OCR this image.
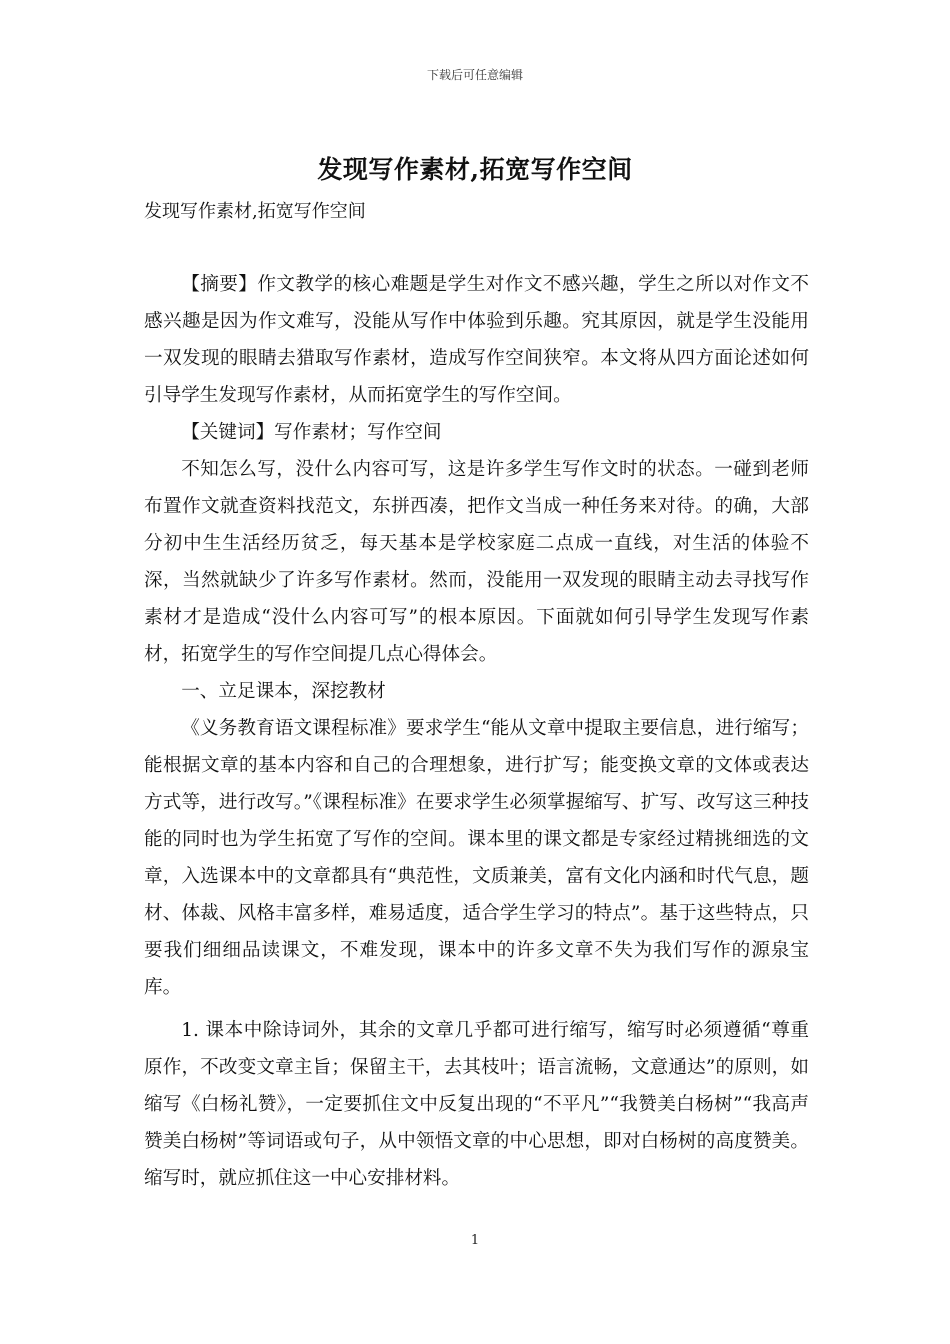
下载后可任意编辑
发现写作素材,拓宽写作空间
发现写作素材,拓宽写作空间

【摘要】作文教学的核心难题是学生对作文不感兴趣，学生之所以对作文不感兴趣是因为作文难写，没能从写作中体验到乐趣。究其原因，就是学生没能用一双发现的眼睛去猎取写作素材，造成写作空间狭窄。本文将从四方面论述如何引导学生发现写作素材，从而拓宽学生的写作空间。

【关键词】写作素材；写作空间

不知怎么写，没什么内容可写，这是许多学生写作文时的状态。一碰到老师布置作文就查资料找范文，东拼西凑，把作文当成一种任务来对待。的确，大部分初中生生活经历贫乏，每天基本是学校家庭二点成一直线，对生活的体验不深，当然就缺少了许多写作素材。然而，没能用一双发现的眼睛主动去寻找写作素材才是造成“没什么内容可写”的根本原因。下面就如何引导学生发现写作素材，拓宽学生的写作空间提几点心得体会。

一、立足课本，深挖教材

《义务教育语文课程标准》要求学生“能从文章中提取主要信息，进行缩写；能根据文章的基本内容和自己的合理想象，进行扩写；能变换文章的文体或表达方式等，进行改写。”《课程标准》在要求学生必须掌握缩写、扩写、改写这三种技能的同时也为学生拓宽了写作的空间。课本里的课文都是专家经过精挑细选的文章，入选课本中的文章都具有“典范性，文质兼美，富有文化内涵和时代气息，题材、体裁、风格丰富多样，难易适度，适合学生学习的特点”。基于这些特点，只要我们细细品读课文，不难发现，课本中的许多文章不失为我们写作的源泉宝库。

1. 课本中除诗词外，其余的文章几乎都可进行缩写，缩写时必须遵循“尊重原作，不改变文章主旨；保留主干，去其枝叶；语言流畅，文意通达”的原则，如缩写《白杨礼赞》，一定要抓住文中反复出现的“不平凡”“我赞美白杨树”“我高声赞美白杨树”等词语或句子，从中领悟文章的中心思想，即对白杨树的高度赞美。缩写时，就应抓住这一中心安排材料。

1
